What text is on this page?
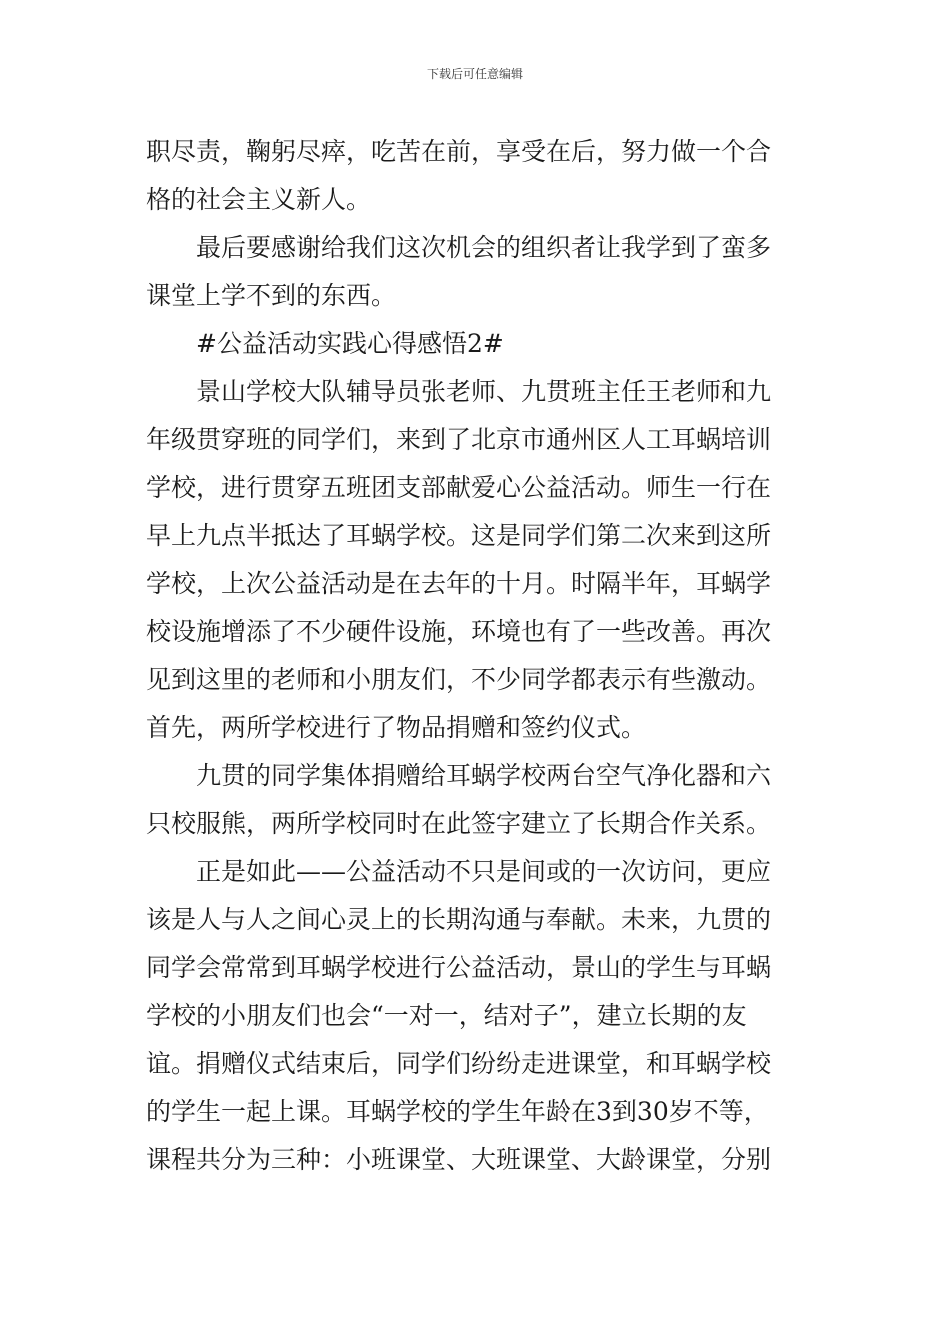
下载后可任意编辑
职尽责，鞠躬尽瘁，吃苦在前，享受在后，努力做一个合
格的社会主义新人。
最后要感谢给我们这次机会的组织者让我学到了蛮多
课堂上学不到的东西。
#公益活动实践心得感悟2#
景山学校大队辅导员张老师、九贯班主任王老师和九
年级贯穿班的同学们，来到了北京市通州区人工耳蜗培训
学校，进行贯穿五班团支部献爱心公益活动。师生一行在
早上九点半抵达了耳蜗学校。这是同学们第二次来到这所
学校，上次公益活动是在去年的十月。时隔半年，耳蜗学
校设施增添了不少硬件设施，环境也有了一些改善。再次
见到这里的老师和小朋友们，不少同学都表示有些激动。
首先，两所学校进行了物品捐赠和签约仪式。
九贯的同学集体捐赠给耳蜗学校两台空气净化器和六
只校服熊，两所学校同时在此签字建立了长期合作关系。
正是如此——公益活动不只是间或的一次访问，更应
该是人与人之间心灵上的长期沟通与奉献。未来，九贯的
同学会常常到耳蜗学校进行公益活动，景山的学生与耳蜗
学校的小朋友们也会“一对一，结对子”，建立长期的友
谊。捐赠仪式结束后，同学们纷纷走进课堂，和耳蜗学校
的学生一起上课。耳蜗学校的学生年龄在3到30岁不等，
课程共分为三种：小班课堂、大班课堂、大龄课堂，分别
